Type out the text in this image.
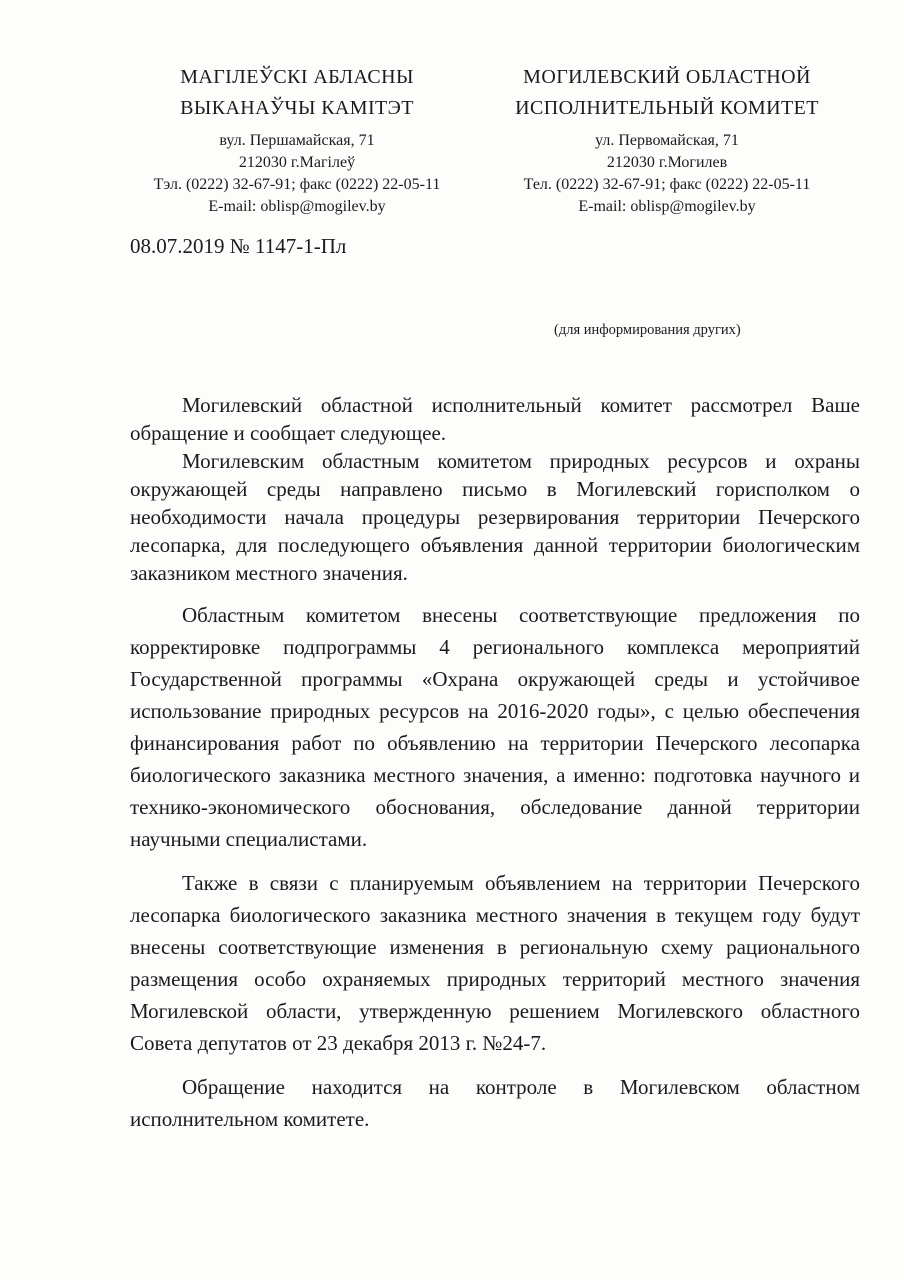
МАГІЛЕЎСКІ АБЛАСНЫ
ВЫКАНАЎЧЫ КАМІТЭТ
вул. Першамайская, 71
212030 г.Магілеў
Тэл. (0222) 32-67-91; факс (0222) 22-05-11
E-mail: oblisp@mogilev.by
МОГИЛЕВСКИЙ ОБЛАСТНОЙ
ИСПОЛНИТЕЛЬНЫЙ КОМИТЕТ
ул. Первомайская, 71
212030 г.Могилев
Тел. (0222) 32-67-91; факс (0222) 22-05-11
E-mail: oblisp@mogilev.by
08.07.2019 № 1147-1-Пл
(для информирования других)

Могилевский областной исполнительный комитет рассмотрел Ваше обращение и сообщает следующее.

Могилевским областным комитетом природных ресурсов и охраны окружающей среды направлено письмо в Могилевский горисполком о необходимости начала процедуры резервирования территории Печерского лесопарка, для последующего объявления данной территории биологическим заказником местного значения.

Областным комитетом внесены соответствующие предложения по корректировке подпрограммы 4 регионального комплекса мероприятий Государственной программы «Охрана окружающей среды и устойчивое использование природных ресурсов на 2016-2020 годы», с целью обеспечения финансирования работ по объявлению на территории Печерского лесопарка биологического заказника местного значения, а именно: подготовка научного и технико-экономического обоснования, обследование данной территории научными специалистами.

Также в связи с планируемым объявлением на территории Печерского лесопарка биологического заказника местного значения в текущем году будут внесены соответствующие изменения в региональную схему рационального размещения особо охраняемых природных территорий местного значения Могилевской области, утвержденную решением Могилевского областного Совета депутатов от 23 декабря 2013 г. №24-7.

Обращение находится на контроле в Могилевском областном исполнительном комитете.
